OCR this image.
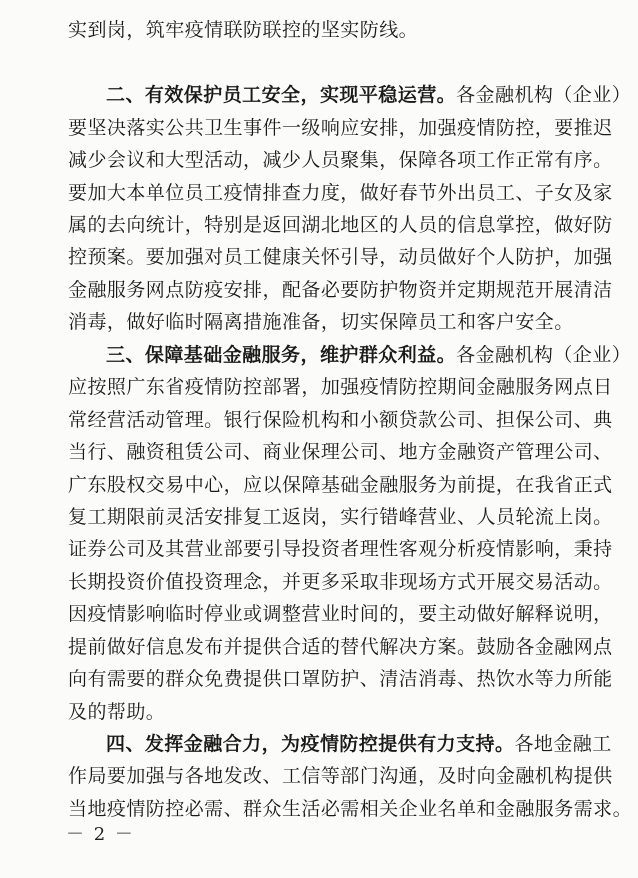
实到岗，筑牢疫情联防联控的坚实防线。
二、有效保护员工安全，实现平稳运营。各金融机构（企业）
要坚决落实公共卫生事件一级响应安排，加强疫情防控，要推迟
减少会议和大型活动，减少人员聚集，保障各项工作正常有序。
要加大本单位员工疫情排查力度，做好春节外出员工、子女及家
属的去向统计，特别是返回湖北地区的人员的信息掌控，做好防
控预案。要加强对员工健康关怀引导，动员做好个人防护，加强
金融服务网点防疫安排，配备必要防护物资并定期规范开展清洁
消毒，做好临时隔离措施准备，切实保障员工和客户安全。
三、保障基础金融服务，维护群众利益。各金融机构（企业）
应按照广东省疫情防控部署，加强疫情防控期间金融服务网点日
常经营活动管理。银行保险机构和小额贷款公司、担保公司、典
当行、融资租赁公司、商业保理公司、地方金融资产管理公司、
广东股权交易中心，应以保障基础金融服务为前提，在我省正式
复工期限前灵活安排复工返岗，实行错峰营业、人员轮流上岗。
证券公司及其营业部要引导投资者理性客观分析疫情影响，秉持
长期投资价值投资理念，并更多采取非现场方式开展交易活动。
因疫情影响临时停业或调整营业时间的，要主动做好解释说明，
提前做好信息发布并提供合适的替代解决方案。鼓励各金融网点
向有需要的群众免费提供口罩防护、清洁消毒、热饮水等力所能
及的帮助。
四、发挥金融合力，为疫情防控提供有力支持。各地金融工
作局要加强与各地发改、工信等部门沟通，及时向金融机构提供
当地疫情防控必需、群众生活必需相关企业名单和金融服务需求。
－ 2 －
